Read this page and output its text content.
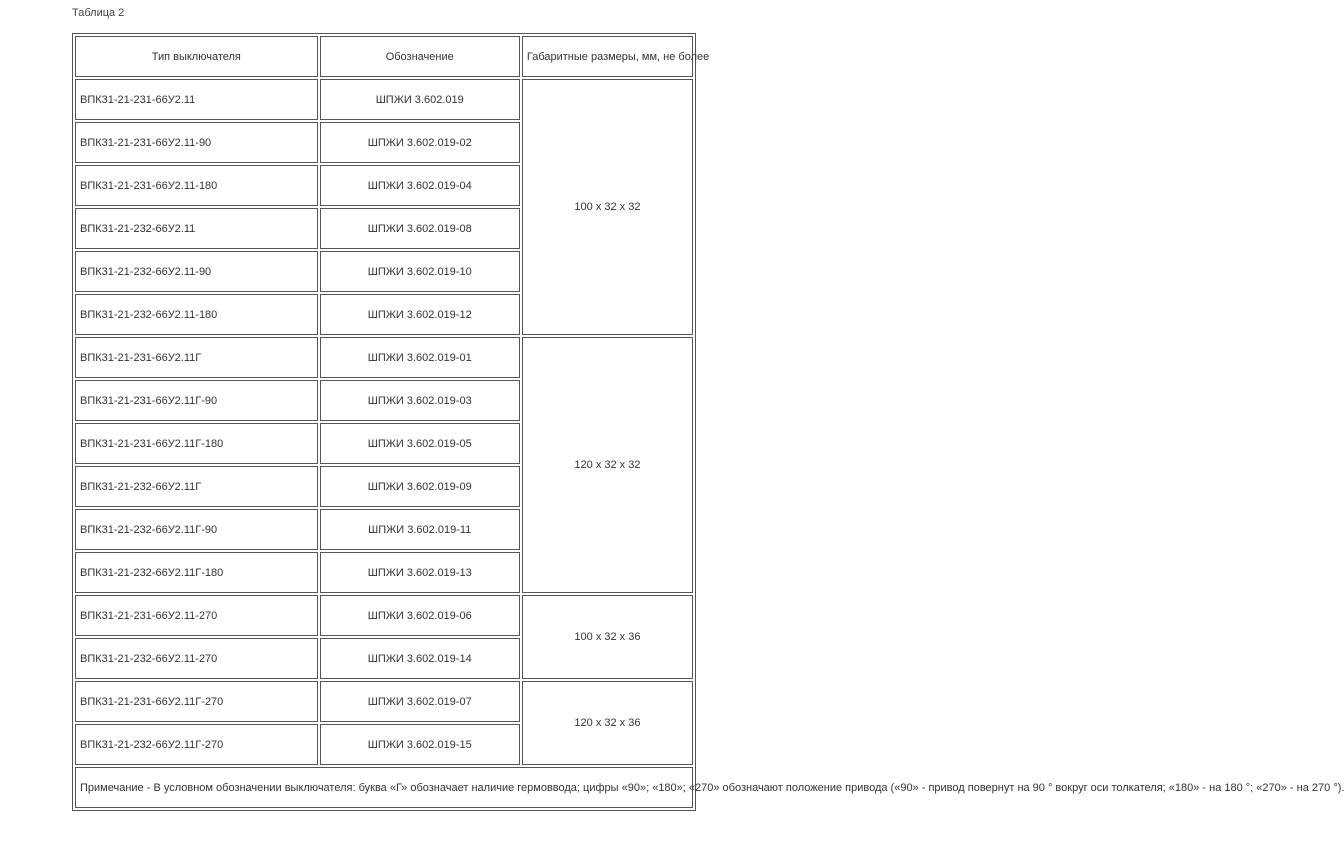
Таблица 2
Тип выключателя	Обозначение	Габаритные размеры, мм, не более
ВПК31-21-231-66У2.11	ШПЖИ 3.602.019	100 х 32 х 32
ВПК31-21-231-66У2.11-90	ШПЖИ 3.602.019-02	
ВПК31-21-231-66У2.11-180	ШПЖИ 3.602.019-04	
ВПК31-21-232-66У2.11	ШПЖИ 3.602.019-08	
ВПК31-21-232-66У2.11-90	ШПЖИ 3.602.019-10	
ВПК31-21-232-66У2.11-180	ШПЖИ 3.602.019-12	
ВПК31-21-231-66У2.11Г	ШПЖИ 3.602.019-01	120 х 32 х 32
ВПК31-21-231-66У2.11Г-90	ШПЖИ 3.602.019-03	
ВПК31-21-231-66У2.11Г-180	ШПЖИ 3.602.019-05	
ВПК31-21-232-66У2.11Г	ШПЖИ 3.602.019-09	
ВПК31-21-232-66У2.11Г-90	ШПЖИ 3.602.019-11	
ВПК31-21-232-66У2.11Г-180	ШПЖИ 3.602.019-13	
ВПК31-21-231-66У2.11-270	ШПЖИ 3.602.019-06	100 х 32 х 36
ВПК31-21-232-66У2.11-270	ШПЖИ 3.602.019-14	
ВПК31-21-231-66У2.11Г-270	ШПЖИ 3.602.019-07	120 х 32 х 36
ВПК31-21-232-66У2.11Г-270	ШПЖИ 3.602.019-15	
Примечание - В условном обозначении выключателя: буква «Г» обозначает наличие гермоввода; цифры «90»; «180»; «270» обозначают положение привода («90» - привод повернут на 90 ° вокруг оси толкателя; «180» - на 180 °; «270» - на 270 °).		
